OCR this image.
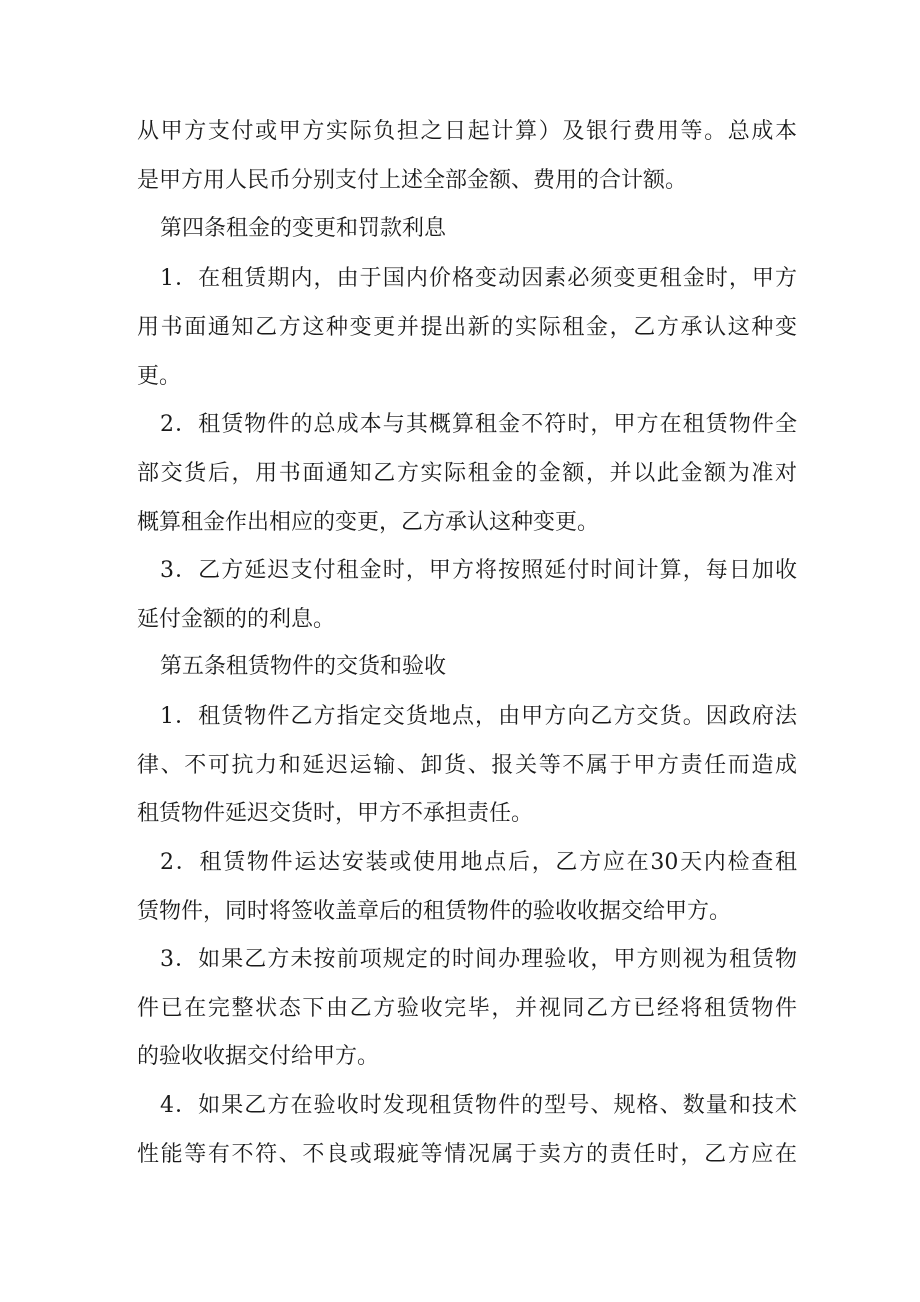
从甲方支付或甲方实际负担之日起计算）及银行费用等。总成本
是甲方用人民币分别支付上述全部金额、费用的合计额。
第四条租金的变更和罚款利息
1．在租赁期内，由于国内价格变动因素必须变更租金时，甲方
用书面通知乙方这种变更并提出新的实际租金，乙方承认这种变
更。
2．租赁物件的总成本与其概算租金不符时，甲方在租赁物件全
部交货后，用书面通知乙方实际租金的金额，并以此金额为准对
概算租金作出相应的变更，乙方承认这种变更。
3．乙方延迟支付租金时，甲方将按照延付时间计算，每日加收
延付金额的的利息。
第五条租赁物件的交货和验收
1．租赁物件乙方指定交货地点，由甲方向乙方交货。因政府法
律、不可抗力和延迟运输、卸货、报关等不属于甲方责任而造成
租赁物件延迟交货时，甲方不承担责任。
2．租赁物件运达安装或使用地点后，乙方应在30天内检查租
赁物件，同时将签收盖章后的租赁物件的验收收据交给甲方。
3．如果乙方未按前项规定的时间办理验收，甲方则视为租赁物
件已在完整状态下由乙方验收完毕，并视同乙方已经将租赁物件
的验收收据交付给甲方。
4．如果乙方在验收时发现租赁物件的型号、规格、数量和技术
性能等有不符、不良或瑕疵等情况属于卖方的责任时，乙方应在
